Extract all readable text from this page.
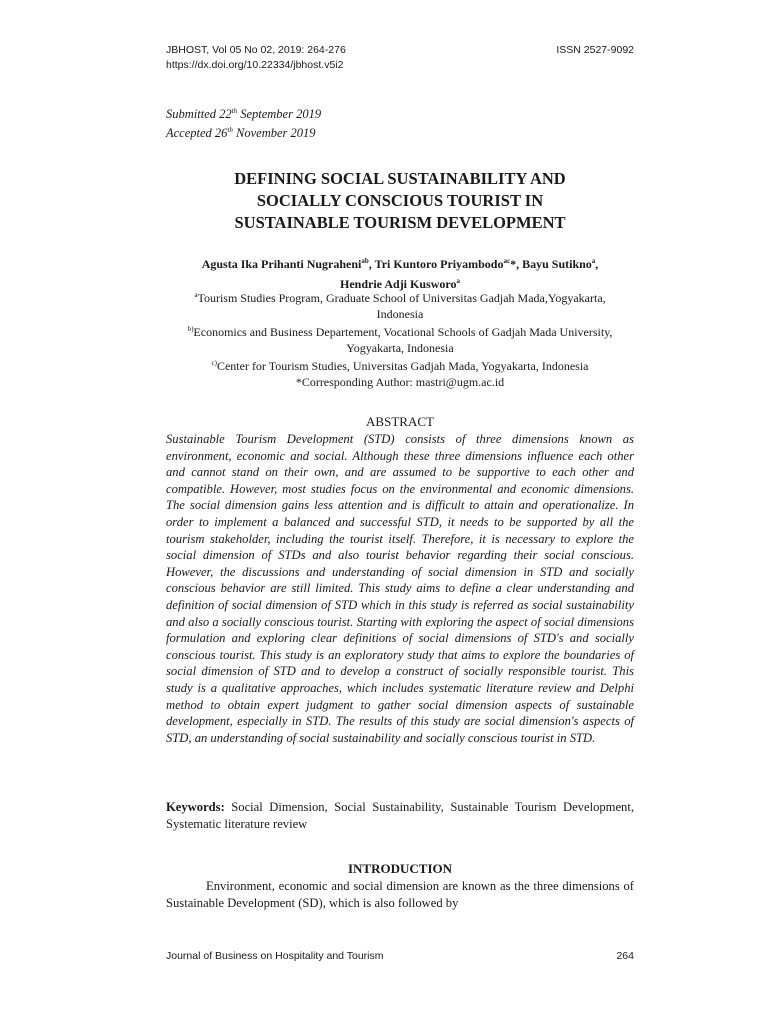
JBHOST, Vol 05 No 02, 2019: 264-276
https://dx.doi.org/10.22334/jbhost.v5i2
ISSN 2527-9092
Submitted 22th September 2019
Accepted 26th November 2019
DEFINING SOCIAL SUSTAINABILITY AND
SOCIALLY CONSCIOUS TOURIST IN
SUSTAINABLE TOURISM DEVELOPMENT
Agusta Ika Prihanti Nugraheni$^{ab}$, Tri Kuntoro Priyambodo$^{ac}$*, Bayu Sutikno$^a$,
Hendrie Adji Kusworo$^a$

$^a$Tourism Studies Program, Graduate School of Universitas Gadjah Mada,Yogyakarta,

Indonesia

$^{b)}$Economics and Business Departement, Vocational Schools of Gadjah Mada University,

Yogyakarta, Indonesia

$^{c)}$Center for Tourism Studies, Universitas Gadjah Mada, Yogyakarta, Indonesia

*Corresponding Author: mastri@ugm.ac.id

ABSTRACT

Sustainable Tourism Development (STD) consists of three dimensions known as environment, economic and social. Although these three dimensions influence each other and cannot stand on their own, and are assumed to be supportive to each other and compatible. However, most studies focus on the environmental and economic dimensions. The social dimension gains less attention and is difficult to attain and operationalize. In order to implement a balanced and successful STD, it needs to be supported by all the tourism stakeholder, including the tourist itself. Therefore, it is necessary to explore the social dimension of STDs and also tourist behavior regarding their social conscious. However, the discussions and understanding of social dimension in STD and socially conscious behavior are still limited. This study aims to define a clear understanding and definition of social dimension of STD which in this study is referred as social sustainability and also a socially conscious tourist. Starting with exploring the aspect of social dimensions formulation and exploring clear definitions of social dimensions of STD's and socially conscious tourist. This study is an exploratory study that aims to explore the boundaries of social dimension of STD and to develop a construct of socially responsible tourist. This study is a qualitative approaches, which includes systematic literature review and Delphi method to obtain expert judgment to gather social dimension aspects of sustainable development, especially in STD. The results of this study are social dimension's aspects of STD, an understanding of social sustainability and socially conscious tourist in STD.

Keywords: Social Dimension, Social Sustainability, Sustainable Tourism Development, Systematic literature review

INTRODUCTION

Environment, economic and social dimension are known as the three dimensions of Sustainable Development (SD), which is also followed by

Journal of Business on Hospitality and Tourism	264
